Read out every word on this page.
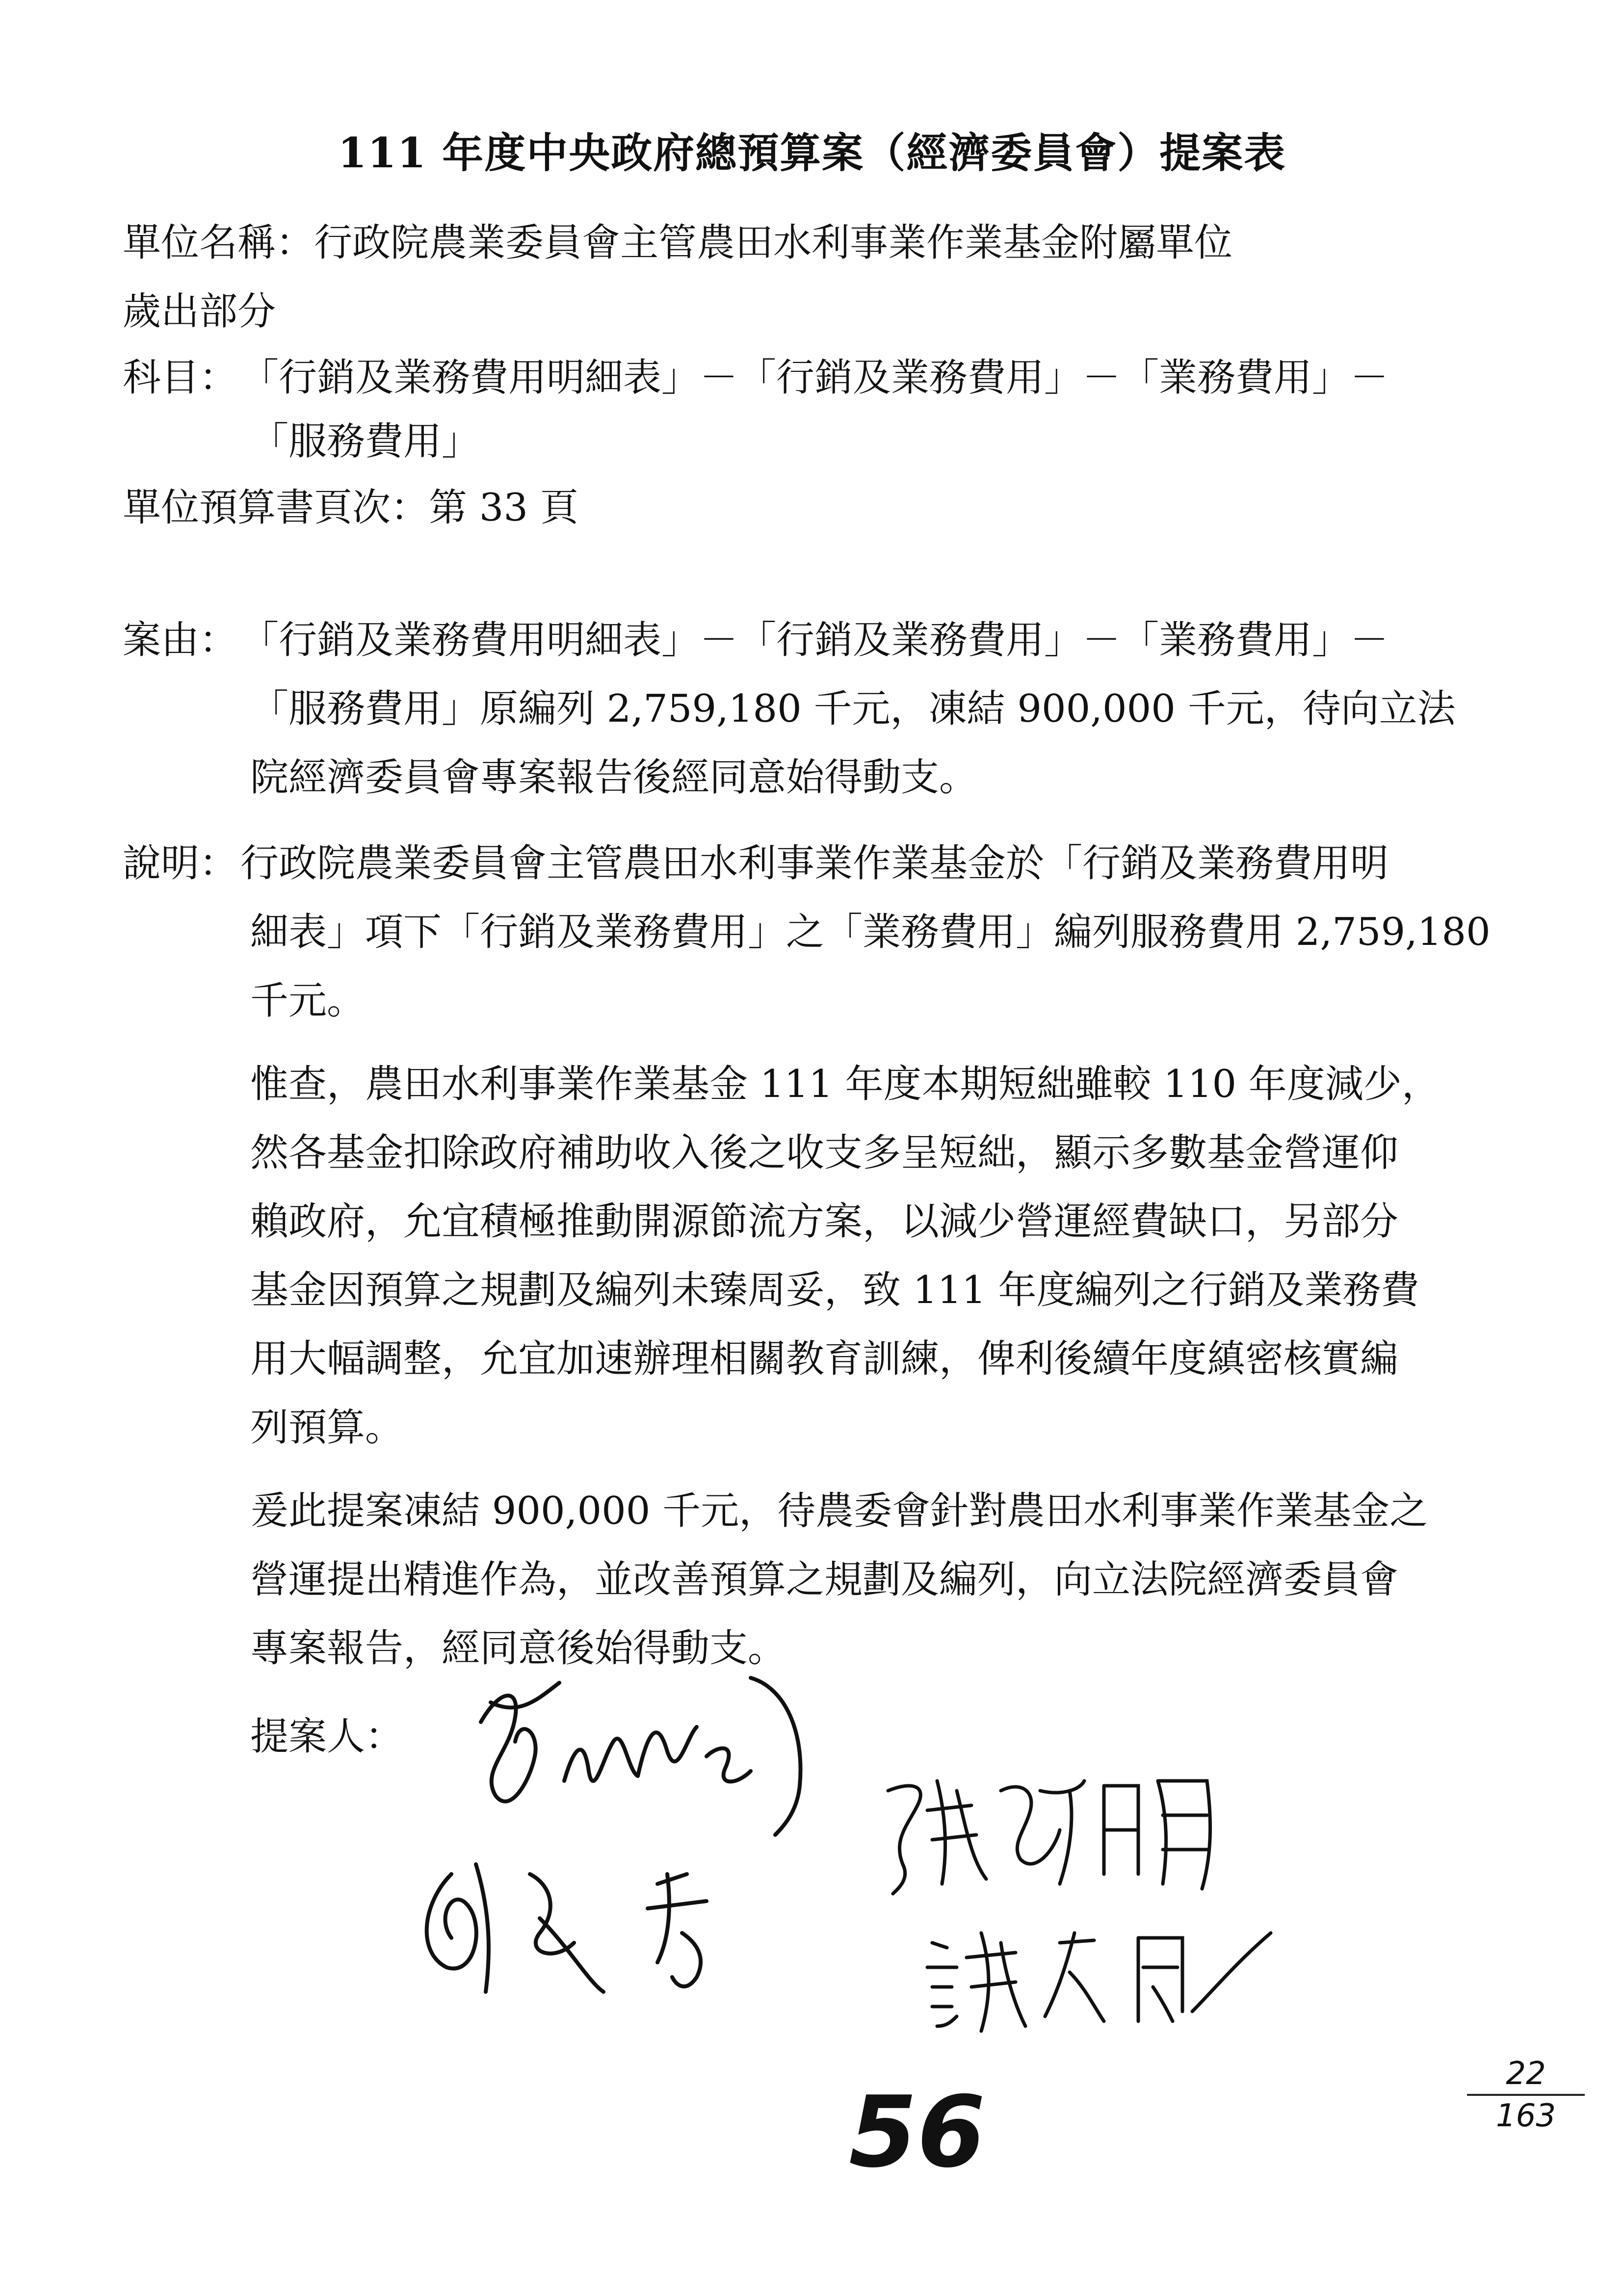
111 年度中央政府總預算案（經濟委員會）提案表
單位名稱：行政院農業委員會主管農田水利事業作業基金附屬單位
歲出部分
科目： 「行銷及業務費用明細表」－「行銷及業務費用」－「業務費用」－
「服務費用」
單位預算書頁次：第 33 頁
案由： 「行銷及業務費用明細表」－「行銷及業務費用」－「業務費用」－
「服務費用」原編列 2,759,180 千元，凍結 900,000 千元，待向立法
院經濟委員會專案報告後經同意始得動支。
說明： 行政院農業委員會主管農田水利事業作業基金於「行銷及業務費用明
細表」項下「行銷及業務費用」之「業務費用」編列服務費用 2,759,180
千元。
惟查，農田水利事業作業基金 111 年度本期短絀雖較 110 年度減少，
然各基金扣除政府補助收入後之收支多呈短絀，顯示多數基金營運仰
賴政府，允宜積極推動開源節流方案，以減少營運經費缺口，另部分
基金因預算之規劃及編列未臻周妥，致 111 年度編列之行銷及業務費
用大幅調整，允宜加速辦理相關教育訓練，俾利後續年度縝密核實編
列預算。
爰此提案凍結 900,000 千元，待農委會針對農田水利事業作業基金之
營運提出精進作為，並改善預算之規劃及編列，向立法院經濟委員會
專案報告，經同意後始得動支。
提案人：
56
22
163
